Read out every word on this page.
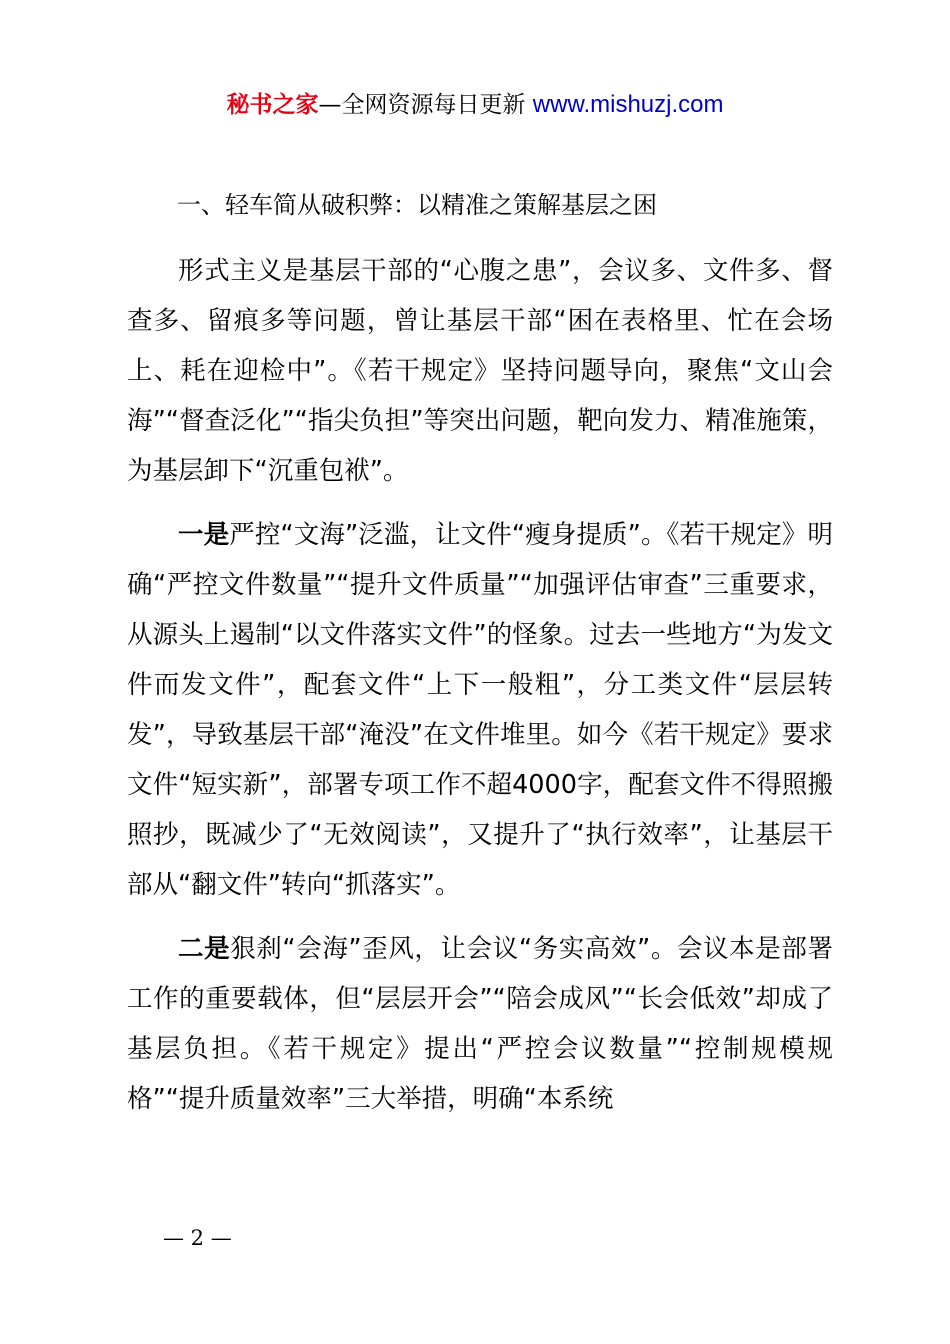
秘书之家—全网资源每日更新 www.mishuzj.com
一、轻车简从破积弊：以精准之策解基层之困

形式主义是基层干部的“心腹之患”，会议多、文件多、督查多、留痕多等问题，曾让基层干部“困在表格里、忙在会场上、耗在迎检中”。《若干规定》坚持问题导向，聚焦“文山会海”“督查泛化”“指尖负担”等突出问题，靶向发力、精准施策，为基层卸下“沉重包袱”。

一是严控“文海”泛滥，让文件“瘦身提质”。《若干规定》明确“严控文件数量”“提升文件质量”“加强评估审查”三重要求，从源头上遏制“以文件落实文件”的怪象。过去一些地方“为发文件而发文件”，配套文件“上下一般粗”，分工类文件“层层转发”，导致基层干部“淹没”在文件堆里。如今《若干规定》要求文件“短实新”，部署专项工作不超4000字，配套文件不得照搬照抄，既减少了“无效阅读”，又提升了“执行效率”，让基层干部从“翻文件”转向“抓落实”。

二是狠刹“会海”歪风，让会议“务实高效”。会议本是部署工作的重要载体，但“层层开会”“陪会成风”“长会低效”却成了基层负担。《若干规定》提出“严控会议数量”“控制规模规格”“提升质量效率”三大举措，明确“本系统

— 2 —
